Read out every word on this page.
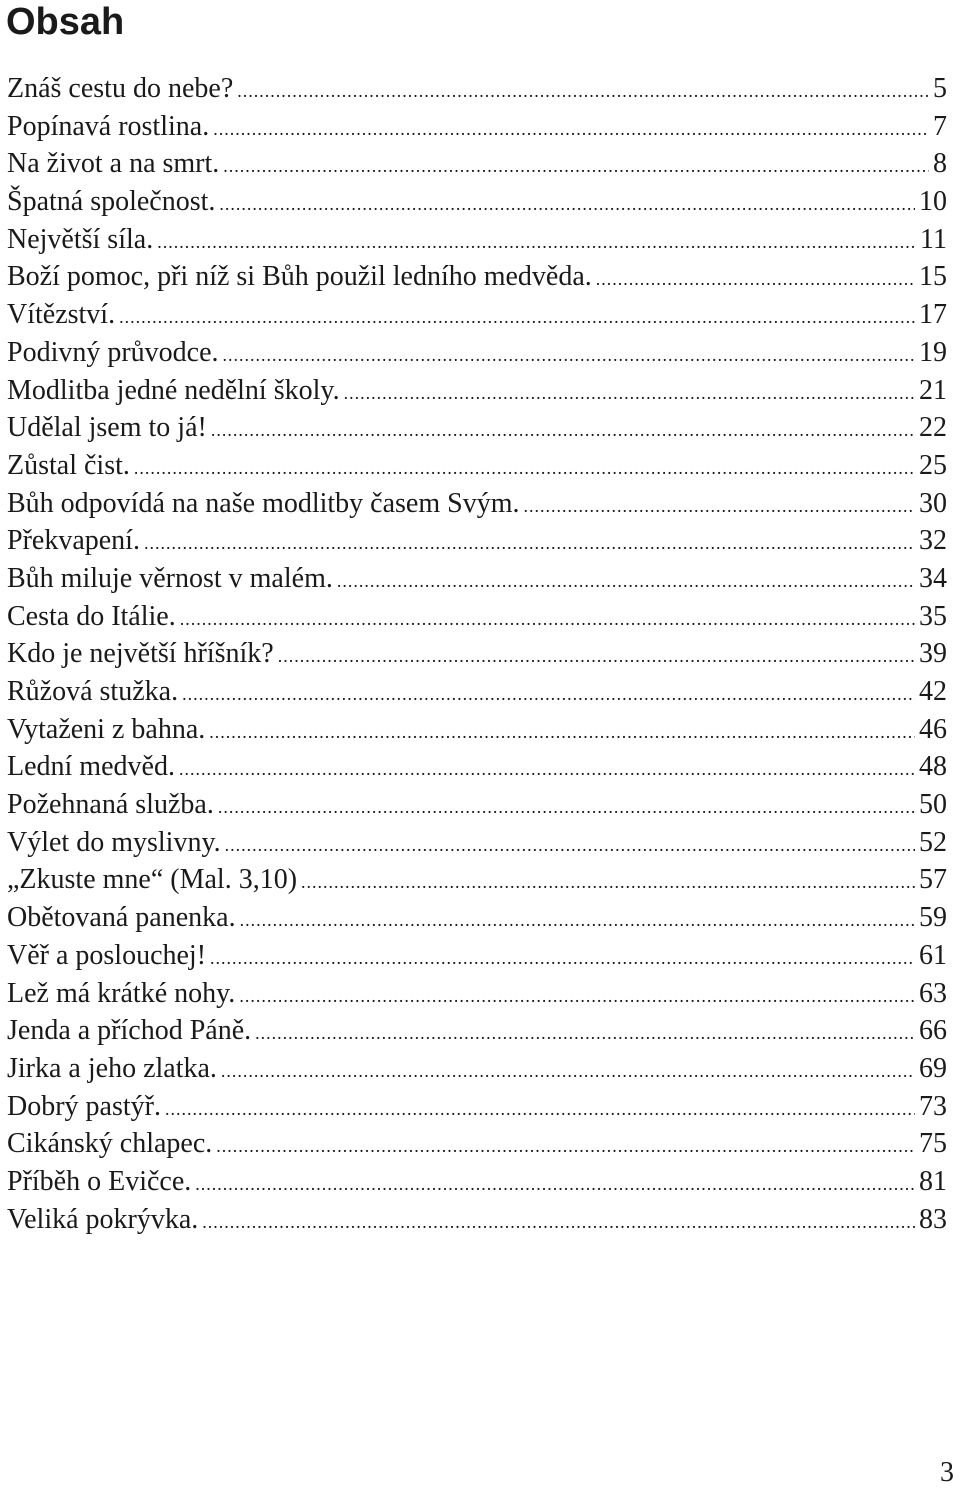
Obsah
Znáš cestu do nebe? .....	5
Popínavá rostlina. .....	7
Na život a na smrt. .....	8
Špatná společnost. .....	10
Největší síla. .....	11
Boží pomoc, při níž si Bůh použil ledního medvěda. .....	15
Vítězství. .....	17
Podivný průvodce. .....	19
Modlitba jedné nedělní školy. .....	21
Udělal jsem to já! .....	22
Zůstal čist. .....	25
Bůh odpovídá na naše modlitby časem Svým. .....	30
Překvapení. .....	32
Bůh miluje věrnost v malém. .....	34
Cesta do Itálie. .....	35
Kdo je největší hříšník? .....	39
Růžová stužka. .....	42
Vytaženi z bahna. .....	46
Lední medvěd. .....	48
Požehnaná služba. .....	50
Výlet do myslivny. .....	52
„Zkuste mne“ (Mal. 3,10) .....	57
Obětovaná panenka. .....	59
Věř a poslouchej! .....	61
Lež má krátké nohy. .....	63
Jenda a příchod Páně. .....	66
Jirka a jeho zlatka. .....	69
Dobrý pastýř. .....	73
Cikánský chlapec. .....	75
Příběh o Evičce. .....	81
Veliká pokrývka. .....	83
3
